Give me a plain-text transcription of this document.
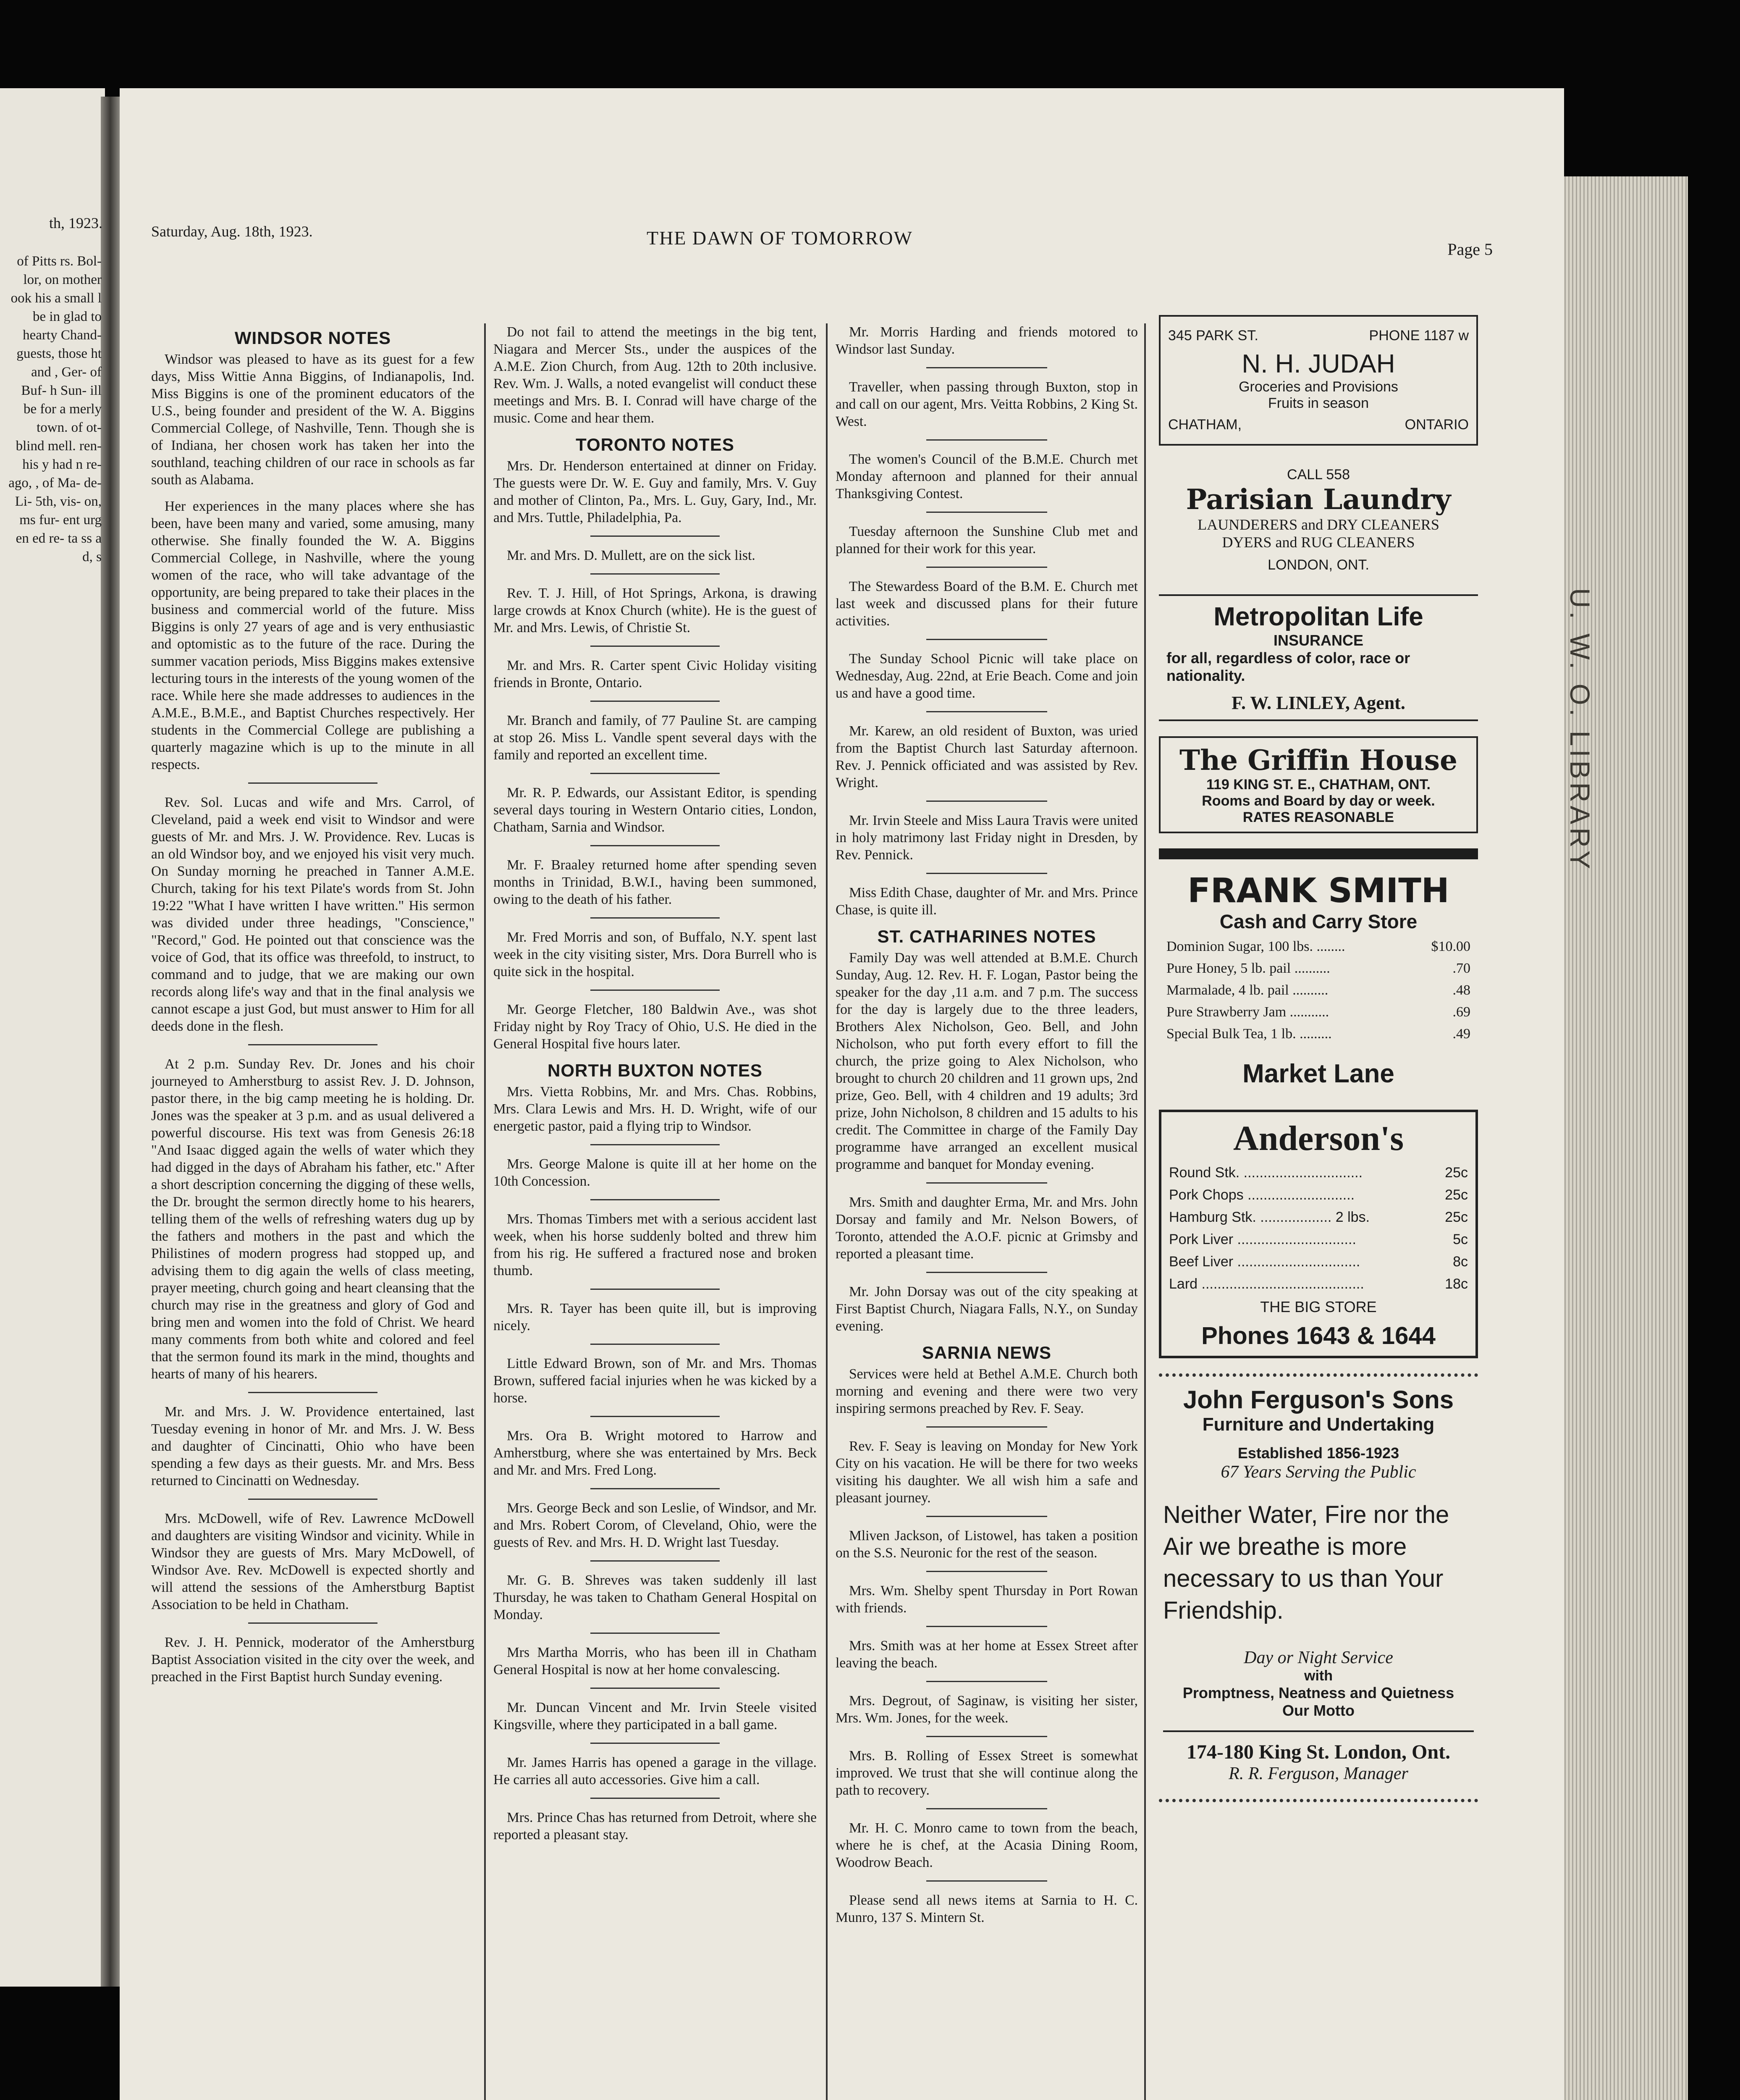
U. W. O. LIBRARY
th, 1923.
of Pitts rs. Bol- lor, on mother ook his a small l be in glad to hearty Chand- guests, those ht and , Ger- of Buf- h Sun- ill be for a merly town. of ot- blind mell. ren- his y had n re- ago, , of Ma- de- Li- 5th, vis- on, ms fur- ent urg en ed re- ta ss a d, s
Saturday, Aug. 18th, 1923.	THE DAWN OF TOMORROW
Page 5
WINDSOR NOTES

Windsor was pleased to have as its guest for a few days, Miss Wittie Anna Biggins, of Indianapolis, Ind. Miss Biggins is one of the prominent educators of the U.S., being founder and president of the W. A. Biggins Commercial College, of Nashville, Tenn. Though she is of Indiana, her chosen work has taken her into the southland, teaching children of our race in schools as far south as Alabama.

Her experiences in the many places where she has been, have been many and varied, some amusing, many otherwise. She finally founded the W. A. Biggins Commercial College, in Nashville, where the young women of the race, who will take advantage of the opportunity, are being prepared to take their places in the business and commercial world of the future. Miss Biggins is only 27 years of age and is very enthusiastic and optomistic as to the future of the race. During the summer vacation periods, Miss Biggins makes extensive lecturing tours in the interests of the young women of the race. While here she made addresses to audiences in the A.M.E., B.M.E., and Baptist Churches respectively. Her students in the Commercial College are publishing a quarterly magazine which is up to the minute in all respects.

Rev. Sol. Lucas and wife and Mrs. Carrol, of Cleveland, paid a week end visit to Windsor and were guests of Mr. and Mrs. J. W. Providence. Rev. Lucas is an old Windsor boy, and we enjoyed his visit very much. On Sunday morning he preached in Tanner A.M.E. Church, taking for his text Pilate's words from St. John 19:22 "What I have written I have written." His sermon was divided under three headings, "Conscience," "Record," God. He pointed out that conscience was the voice of God, that its office was threefold, to instruct, to command and to judge, that we are making our own records along life's way and that in the final analysis we cannot escape a just God, but must answer to Him for all deeds done in the flesh.

At 2 p.m. Sunday Rev. Dr. Jones and his choir journeyed to Amherstburg to assist Rev. J. D. Johnson, pastor there, in the big camp meeting he is holding. Dr. Jones was the speaker at 3 p.m. and as usual delivered a powerful discourse. His text was from Genesis 26:18 "And Isaac digged again the wells of water which they had digged in the days of Abraham his father, etc." After a short description concerning the digging of these wells, the Dr. brought the sermon directly home to his hearers, telling them of the wells of refreshing waters dug up by the fathers and mothers in the past and which the Philistines of modern progress had stopped up, and advising them to dig again the wells of class meeting, prayer meeting, church going and heart cleansing that the church may rise in the greatness and glory of God and bring men and women into the fold of Christ. We heard many comments from both white and colored and feel that the sermon found its mark in the mind, thoughts and hearts of many of his hearers.

Mr. and Mrs. J. W. Providence entertained, last Tuesday evening in honor of Mr. and Mrs. J. W. Bess and daughter of Cincinatti, Ohio who have been spending a few days as their guests. Mr. and Mrs. Bess returned to Cincinatti on Wednesday.

Mrs. McDowell, wife of Rev. Lawrence McDowell and daughters are visiting Windsor and vicinity. While in Windsor they are guests of Mrs. Mary McDowell, of Windsor Ave. Rev. McDowell is expected shortly and will attend the sessions of the Amherstburg Baptist Association to be held in Chatham.

Rev. J. H. Pennick, moderator of the Amherstburg Baptist Association visited in the city over the week, and preached in the First Baptist hurch Sunday evening.

Do not fail to attend the meetings in the big tent, Niagara and Mercer Sts., under the auspices of the A.M.E. Zion Church, from Aug. 12th to 20th inclusive. Rev. Wm. J. Walls, a noted evangelist will conduct these meetings and Mrs. B. I. Conrad will have charge of the music. Come and hear them.

TORONTO NOTES

Mrs. Dr. Henderson entertained at dinner on Friday. The guests were Dr. W. E. Guy and family, Mrs. V. Guy and mother of Clinton, Pa., Mrs. L. Guy, Gary, Ind., Mr. and Mrs. Tuttle, Philadelphia, Pa.

Mr. and Mrs. D. Mullett, are on the sick list.

Rev. T. J. Hill, of Hot Springs, Arkona, is drawing large crowds at Knox Church (white). He is the guest of Mr. and Mrs. Lewis, of Christie St.

Mr. and Mrs. R. Carter spent Civic Holiday visiting friends in Bronte, Ontario.

Mr. Branch and family, of 77 Pauline St. are camping at stop 26. Miss L. Vandle spent several days with the family and reported an excellent time.

Mr. R. P. Edwards, our Assistant Editor, is spending several days touring in Western Ontario cities, London, Chatham, Sarnia and Windsor.

Mr. F. Braaley returned home after spending seven months in Trinidad, B.W.I., having been summoned, owing to the death of his father.

Mr. Fred Morris and son, of Buffalo, N.Y. spent last week in the city visiting sister, Mrs. Dora Burrell who is quite sick in the hospital.

Mr. George Fletcher, 180 Baldwin Ave., was shot Friday night by Roy Tracy of Ohio, U.S. He died in the General Hospital five hours later.

NORTH BUXTON NOTES

Mrs. Vietta Robbins, Mr. and Mrs. Chas. Robbins, Mrs. Clara Lewis and Mrs. H. D. Wright, wife of our energetic pastor, paid a flying trip to Windsor.

Mrs. George Malone is quite ill at her home on the 10th Concession.

Mrs. Thomas Timbers met with a serious accident last week, when his horse suddenly bolted and threw him from his rig. He suffered a fractured nose and broken thumb.

Mrs. R. Tayer has been quite ill, but is improving nicely.

Little Edward Brown, son of Mr. and Mrs. Thomas Brown, suffered facial injuries when he was kicked by a horse.

Mrs. Ora B. Wright motored to Harrow and Amherstburg, where she was entertained by Mrs. Beck and Mr. and Mrs. Fred Long.

Mrs. George Beck and son Leslie, of Windsor, and Mr. and Mrs. Robert Corom, of Cleveland, Ohio, were the guests of Rev. and Mrs. H. D. Wright last Tuesday.

Mr. G. B. Shreves was taken suddenly ill last Thursday, he was taken to Chatham General Hospital on Monday.

Mrs Martha Morris, who has been ill in Chatham General Hospital is now at her home convalescing.

Mr. Duncan Vincent and Mr. Irvin Steele visited Kingsville, where they participated in a ball game.

Mr. James Harris has opened a garage in the village. He carries all auto accessories. Give him a call.

Mrs. Prince Chas has returned from Detroit, where she reported a pleasant stay.

Mr. Morris Harding and friends motored to Windsor last Sunday.

Traveller, when passing through Buxton, stop in and call on our agent, Mrs. Veitta Robbins, 2 King St. West.

The women's Council of the B.M.E. Church met Monday afternoon and planned for their annual Thanksgiving Contest.

Tuesday afternoon the Sunshine Club met and planned for their work for this year.

The Stewardess Board of the B.M. E. Church met last week and discussed plans for their future activities.

The Sunday School Picnic will take place on Wednesday, Aug. 22nd, at Erie Beach. Come and join us and have a good time.

Mr. Karew, an old resident of Buxton, was uried from the Baptist Church last Saturday afternoon. Rev. J. Pennick officiated and was assisted by Rev. Wright.

Mr. Irvin Steele and Miss Laura Travis were united in holy matrimony last Friday night in Dresden, by Rev. Pennick.

Miss Edith Chase, daughter of Mr. and Mrs. Prince Chase, is quite ill.

ST. CATHARINES NOTES

Family Day was well attended at B.M.E. Church Sunday, Aug. 12. Rev. H. F. Logan, Pastor being the speaker for the day ,11 a.m. and 7 p.m. The success for the day is largely due to the three leaders, Brothers Alex Nicholson, Geo. Bell, and John Nicholson, who put forth every effort to fill the church, the prize going to Alex Nicholson, who brought to church 20 children and 11 grown ups, 2nd prize, Geo. Bell, with 4 children and 19 adults; 3rd prize, John Nicholson, 8 children and 15 adults to his credit. The Committee in charge of the Family Day programme have arranged an excellent musical programme and banquet for Monday evening.

Mrs. Smith and daughter Erma, Mr. and Mrs. John Dorsay and family and Mr. Nelson Bowers, of Toronto, attended the A.O.F. picnic at Grimsby and reported a pleasant time.

Mr. John Dorsay was out of the city speaking at First Baptist Church, Niagara Falls, N.Y., on Sunday evening.

SARNIA NEWS

Services were held at Bethel A.M.E. Church both morning and evening and there were two very inspiring sermons preached by Rev. F. Seay.

Rev. F. Seay is leaving on Monday for New York City on his vacation. He will be there for two weeks visiting his daughter. We all wish him a safe and pleasant journey.

Mliven Jackson, of Listowel, has taken a position on the S.S. Neuronic for the rest of the season.

Mrs. Wm. Shelby spent Thursday in Port Rowan with friends.

Mrs. Smith was at her home at Essex Street after leaving the beach.

Mrs. Degrout, of Saginaw, is visiting her sister, Mrs. Wm. Jones, for the week.

Mrs. B. Rolling of Essex Street is somewhat improved. We trust that she will continue along the path to recovery.

Mr. H. C. Monro came to town from the beach, where he is chef, at the Acasia Dining Room, Woodrow Beach.

Please send all news items at Sarnia to H. C. Munro, 137 S. Mintern St.

345 PARK ST.	PHONE 1187 w
N. H. JUDAH
Groceries and Provisions
Fruits in season
CHATHAM,	ONTARIO
CALL 558
Parisian Laundry
LAUNDERERS and DRY CLEANERS
DYERS and RUG CLEANERS
LONDON, ONT.
Metropolitan Life
INSURANCE
for all, regardless of color, race or nationality.
F. W. LINLEY, Agent.
The Griffin House
119 KING ST. E., CHATHAM, ONT.
Rooms and Board by day or week.
RATES REASONABLE
FRANK SMITH
Cash and Carry Store
Dominion Sugar, 100 lbs. ........	$10.00
Pure Honey, 5 lb. pail ..........	.70
Marmalade, 4 lb. pail ..........	.48
Pure Strawberry Jam ...........	.69
Special Bulk Tea, 1 lb. .........	.49
Market Lane
Anderson's
Round Stk. ..............................	25c
Pork Chops ...........................	25c
Hamburg Stk. .................. 2 lbs.	25c
Pork Liver ..............................	5c
Beef Liver ...............................	8c
Lard .........................................	18c
THE BIG STORE
Phones 1643 & 1644
John Ferguson's Sons
Furniture and Undertaking
Established 1856-1923
67 Years Serving the Public
Neither Water, Fire nor the Air we breathe is more necessary to us than Your Friendship.
Day or Night Service
with
Promptness, Neatness and Quietness
Our Motto
174-180 King St. London, Ont.
R. R. Ferguson, Manager
